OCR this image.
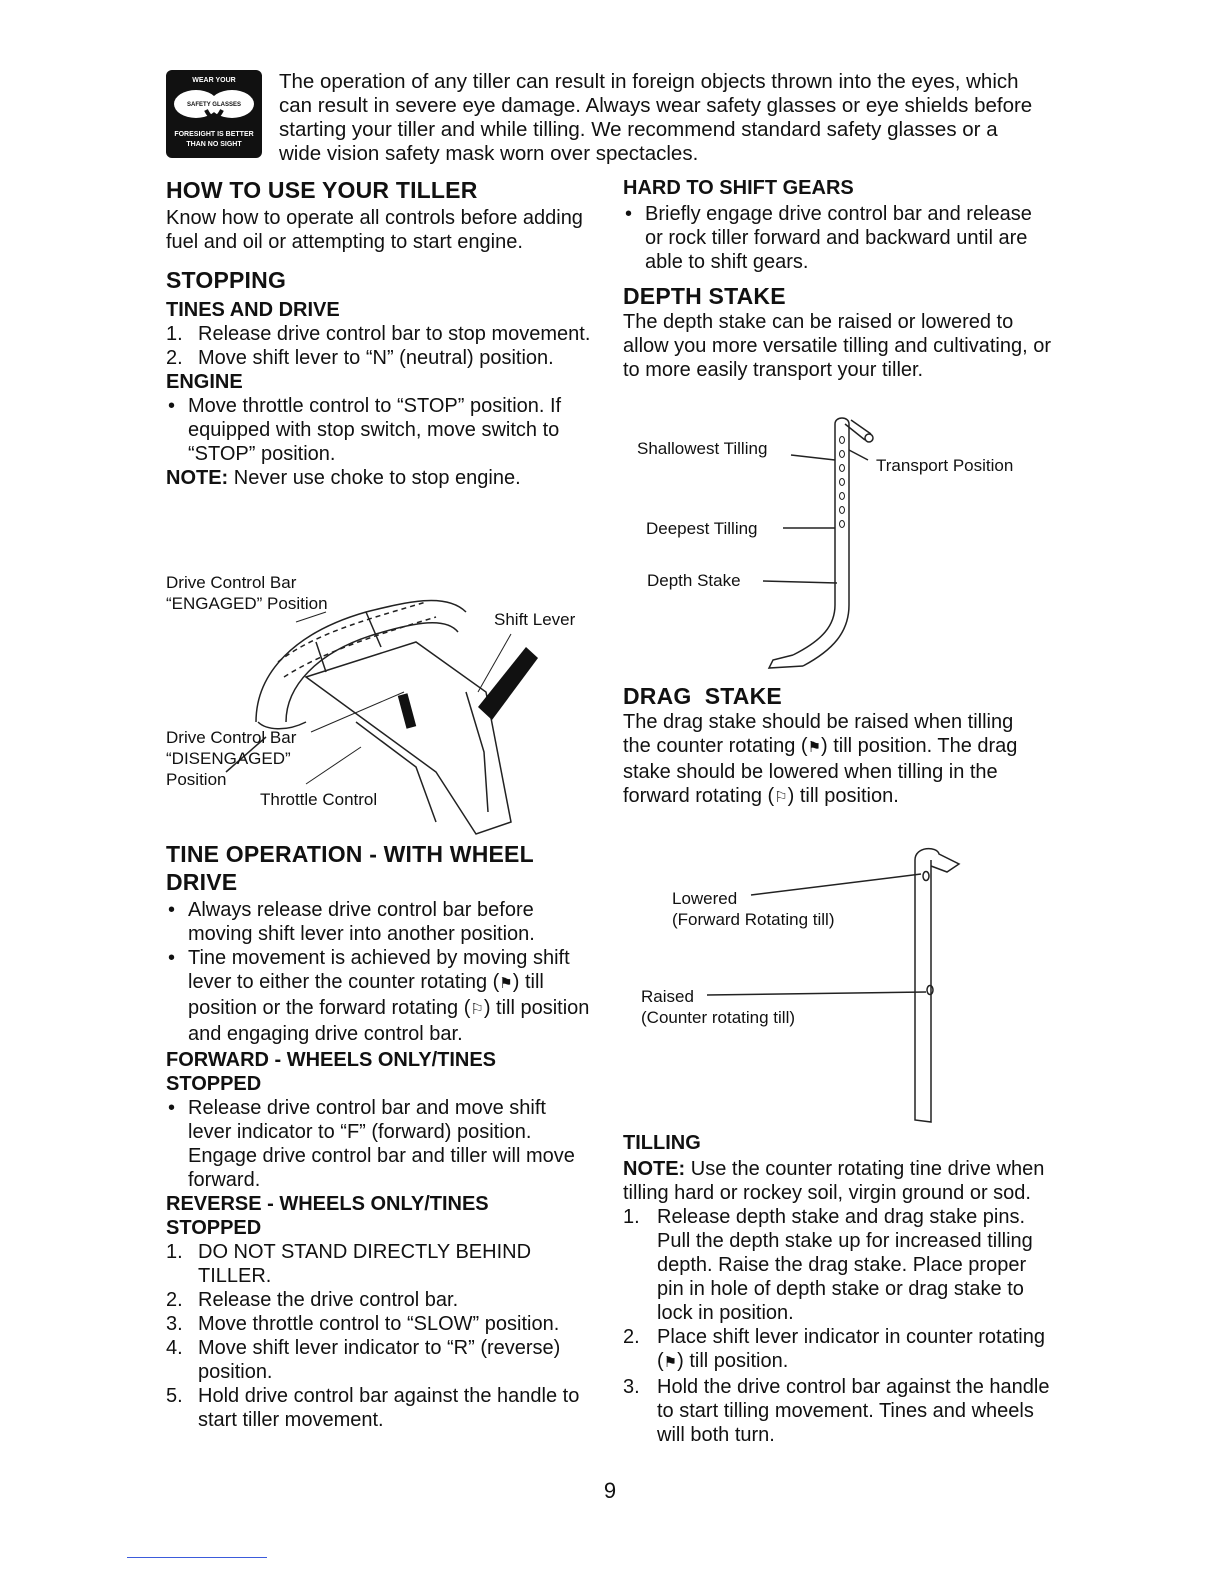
WEAR YOUR
SAFETY GLASSES
FORESIGHT IS BETTER
THAN NO SIGHT

The operation of any tiller can result in foreign objects thrown into the eyes, which can result in severe eye damage. Always wear safety glasses or eye shields before starting your tiller and while tilling. We recommend standard safety glasses or a wide vision safety mask worn over spectacles.

HOW TO USE YOUR TILLER

Know how to operate all controls before adding fuel and oil or attempting to start engine.

STOPPING
TINES AND DRIVE
1. Release drive control bar to stop movement.
2. Move shift lever to “N” (neutral) position.
ENGINE
• Move throttle control to “STOP” position. If equipped with stop switch, move switch to “STOP” position.
NOTE: Never use choke to stop engine.
Drive Control Bar
“ENGAGED” Position
Shift Lever
Drive Control Bar
“DISENGAGED”
Position
Throttle Control
TINE OPERATION - WITH WHEEL DRIVE
• Always release drive control bar before moving shift lever into another position.
• Tine movement is achieved by moving shift lever to either the counter rotating (⚑) till position or the forward rotating (⚐) till position and engaging drive control bar.
FORWARD - WHEELS ONLY/TINES STOPPED
• Release drive control bar and move shift lever indicator to “F” (forward) position. Engage drive control bar and tiller will move forward.
REVERSE - WHEELS ONLY/TINES STOPPED
1. DO NOT STAND DIRECTLY BEHIND TILLER.
2. Release the drive control bar.
3. Move throttle control to “SLOW” position.
4. Move shift lever indicator to “R” (reverse) position.
5. Hold drive control bar against the handle to start tiller movement.
HARD TO SHIFT GEARS
• Briefly engage drive control bar and release or rock tiller forward and backward until are able to shift gears.
DEPTH STAKE

The depth stake can be raised or lowered to allow you more versatile tilling and cultivating, or to more easily transport your tiller.

Shallowest Tilling
Transport Position
Deepest Tilling
Depth Stake
DRAG  STAKE

The drag stake should be raised when tilling the counter rotating (⚑) till position. The drag stake should be lowered when tilling in the forward rotating (⚐) till position.

Lowered
(Forward Rotating till)
Raised
(Counter rotating till)
TILLING

NOTE: Use the counter rotating tine drive when tilling hard or rockey soil, virgin ground or sod.

1. Release depth stake and drag stake pins. Pull the depth stake up for increased tilling depth. Raise the drag stake. Place proper pin in hole of depth stake or drag stake to lock in position.
2. Place shift lever indicator in counter rotating (⚑) till position.
3. Hold the drive control bar against the handle to start tilling movement. Tines and wheels will both turn.
9
